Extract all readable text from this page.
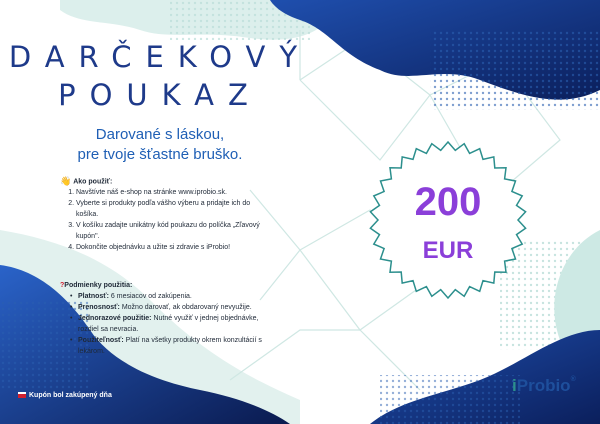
DARČEKOVÝ
POUKAZ
Darované s láskou,
pre tvoje šťastné bruško.
👋 Ako použiť:
1. Navštívte náš e-shop na stránke www.iprobio.sk.
2. Vyberte si produkty podľa vášho výberu a pridajte ich do košíka.
3. V košíku zadajte unikátny kód poukazu do políčka „Zľavový kupón".
4. Dokončite objednávku a užite si zdravie s iProbio!
?Podmienky použitia:
• Platnosť: 6 mesiacov od zakúpenia.
• Prenosnosť: Možno darovať, ak obdarovaný nevyužije.
• Jednorazové použitie: Nutné využiť v jednej objednávke, rozdiel sa nevracia.
• Použiteľnosť: Platí na všetky produkty okrem konzultácií s lekárom.
200
EUR
Kupón bol zakúpený dňa
iProbio®
